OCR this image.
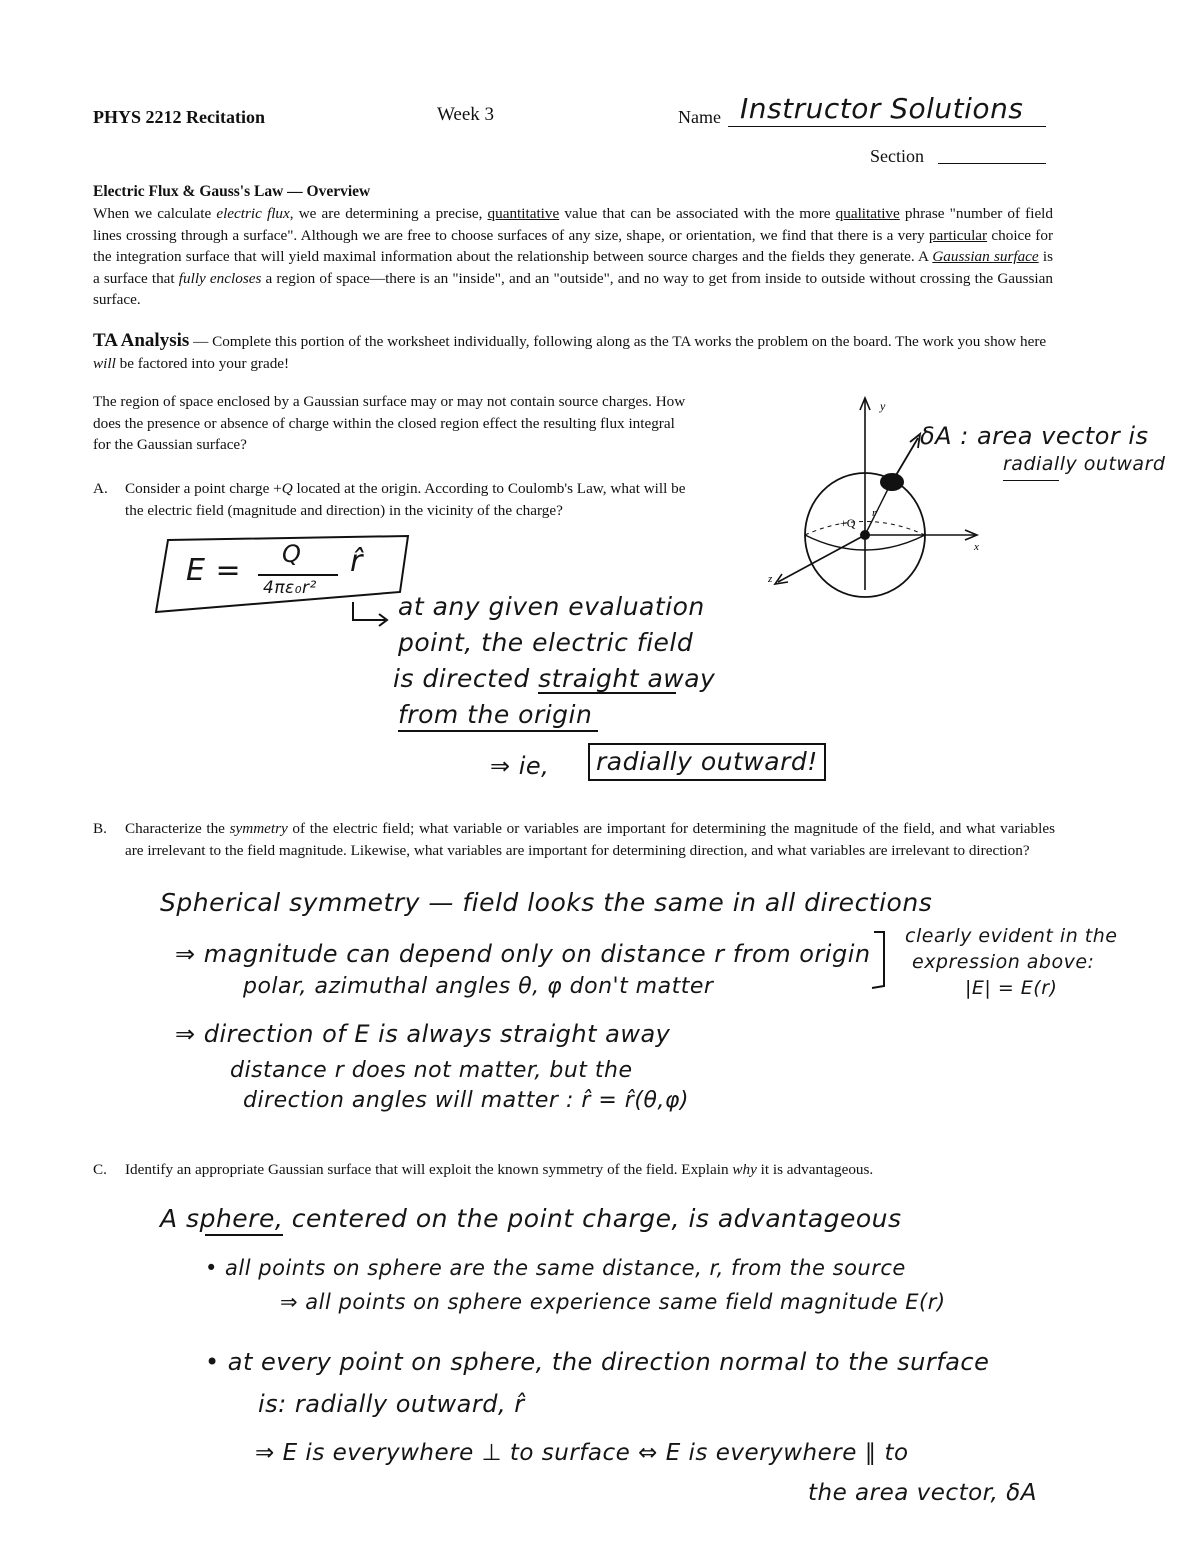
PHYS 2212 Recitation	Week 3	Name Instructor Solutions
Section
Electric Flux & Gauss's Law — Overview
When we calculate electric flux, we are determining a precise, quantitative value that can be associated with the more qualitative phrase "number of field lines crossing through a surface". Although we are free to choose surfaces of any size, shape, or orientation, we find that there is a very particular choice for the integration surface that will yield maximal information about the relationship between source charges and the fields they generate. A Gaussian surface is a surface that fully encloses a region of space—there is an "inside", and an "outside", and no way to get from inside to outside without crossing the Gaussian surface.
TA Analysis — Complete this portion of the worksheet individually, following along as the TA works the problem on the board. The work you show here will be factored into your grade!
The region of space enclosed by a Gaussian surface may or may not contain source charges. How does the presence or absence of charge within the closed region effect the resulting flux integral for the Gaussian surface?
A. Consider a point charge +Q located at the origin. According to Coulomb's Law, what will be the electric field (magnitude and direction) in the vicinity of the charge?
E = Q
4πε₀r²
r̂
at any given evaluation
point, the electric field
is directed straight away
from the origin
⇒ ie,	radially outward!
y
x
z
+Q
r
δA : area vector is
radially outward
B. Characterize the symmetry of the electric field; what variable or variables are important for determining the magnitude of the field, and what variables are irrelevant to the field magnitude. Likewise, what variables are important for determining direction, and what variables are irrelevant to direction?
Spherical symmetry — field looks the same in all directions
⇒ magnitude can depend only on distance r from origin
polar, azimuthal angles θ, φ don't matter
clearly evident in the
expression above:
|E| = E(r)
⇒ direction of E is always straight away
distance r does not matter, but the
direction angles will matter : r̂ = r̂(θ,φ)
C. Identify an appropriate Gaussian surface that will exploit the known symmetry of the field. Explain why it is advantageous.
A sphere, centered on the point charge, is advantageous
• all points on sphere are the same distance, r, from the source
⇒ all points on sphere experience same field magnitude E(r)
• at every point on sphere, the direction normal to the surface
is: radially outward, r̂
⇒ E is everywhere ⊥ to surface ⇔ E is everywhere ∥ to
the area vector, δA
